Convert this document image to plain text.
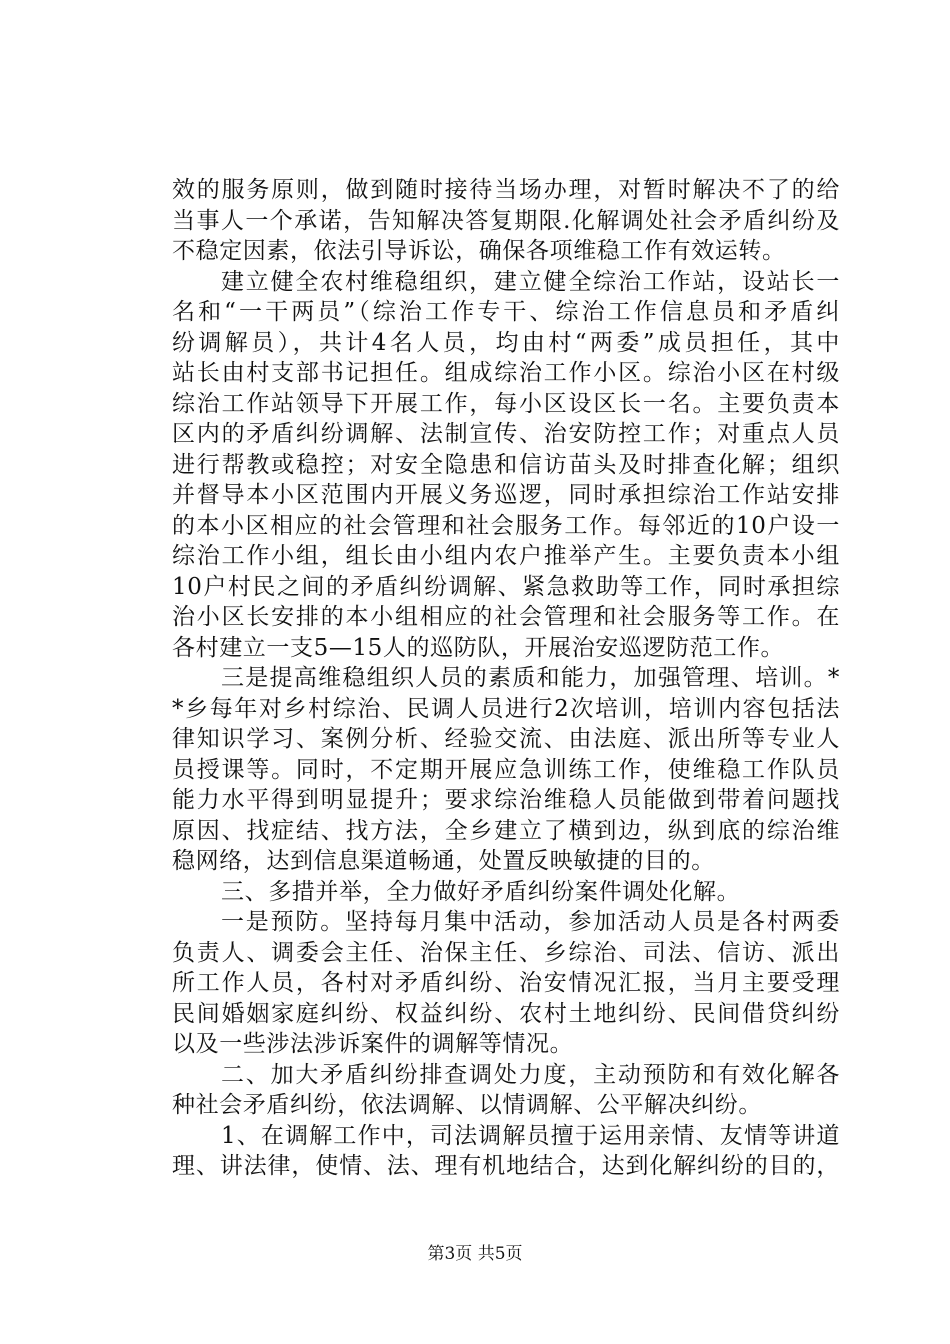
效的服务原则，做到随时接待当场办理，对暂时解决不了的给
当事人一个承诺，告知解决答复期限.化解调处社会矛盾纠纷及
不稳定因素，依法引导诉讼，确保各项维稳工作有效运转。
建立健全农村维稳组织，建立健全综治工作站，设站长一
名和“一干两员”（综治工作专干、综治工作信息员和矛盾纠
纷调解员），共计4名人员，均由村“两委”成员担任，其中
站长由村支部书记担任。组成综治工作小区。综治小区在村级
综治工作站领导下开展工作，每小区设区长一名。主要负责本
区内的矛盾纠纷调解、法制宣传、治安防控工作；对重点人员
进行帮教或稳控；对安全隐患和信访苗头及时排查化解；组织
并督导本小区范围内开展义务巡逻，同时承担综治工作站安排
的本小区相应的社会管理和社会服务工作。每邻近的10户设一
综治工作小组，组长由小组内农户推举产生。主要负责本小组
10户村民之间的矛盾纠纷调解、紧急救助等工作，同时承担综
治小区长安排的本小组相应的社会管理和社会服务等工作。在
各村建立一支5—15人的巡防队，开展治安巡逻防范工作。
三是提高维稳组织人员的素质和能力，加强管理、培训。*
*乡每年对乡村综治、民调人员进行2次培训，培训内容包括法
律知识学习、案例分析、经验交流、由法庭、派出所等专业人
员授课等。同时，不定期开展应急训练工作，使维稳工作队员
能力水平得到明显提升；要求综治维稳人员能做到带着问题找
原因、找症结、找方法，全乡建立了横到边，纵到底的综治维
稳网络，达到信息渠道畅通，处置反映敏捷的目的。
三、多措并举，全力做好矛盾纠纷案件调处化解。
一是预防。坚持每月集中活动，参加活动人员是各村两委
负责人、调委会主任、治保主任、乡综治、司法、信访、派出
所工作人员，各村对矛盾纠纷、治安情况汇报，当月主要受理
民间婚姻家庭纠纷、权益纠纷、农村土地纠纷、民间借贷纠纷
以及一些涉法涉诉案件的调解等情况。
二、加大矛盾纠纷排查调处力度，主动预防和有效化解各
种社会矛盾纠纷，依法调解、以情调解、公平解决纠纷。
1、在调解工作中，司法调解员擅于运用亲情、友情等讲道
理、讲法律，使情、法、理有机地结合，达到化解纠纷的目的，
第3页 共5页
